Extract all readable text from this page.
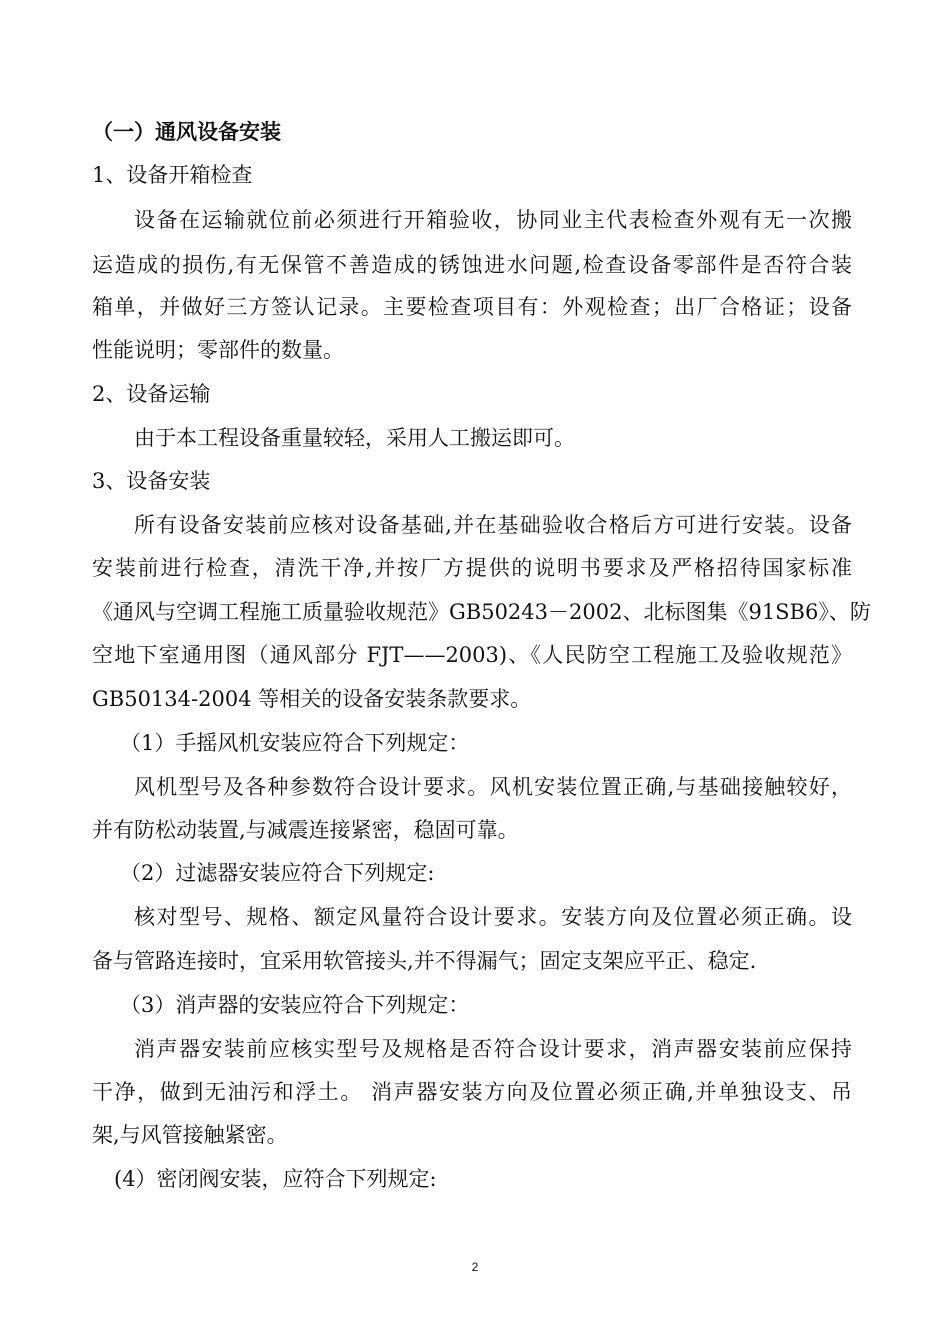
（一）通风设备安装
1、设备开箱检查
设备在运输就位前必须进行开箱验收，协同业主代表检查外观有无一次搬
运造成的损伤,有无保管不善造成的锈蚀进水问题,检查设备零部件是否符合装
箱单，并做好三方签认记录。主要检查项目有：外观检查；出厂合格证；设备
性能说明；零部件的数量。
2、设备运输
由于本工程设备重量较轻，采用人工搬运即可。
3、设备安装
所有设备安装前应核对设备基础,并在基础验收合格后方可进行安装。设备
安装前进行检查，清洗干净,并按厂方提供的说明书要求及严格招待国家标准
《通风与空调工程施工质量验收规范》GB50243－2002、北标图集《91SB6》、防
空地下室通用图（通风部分 FJT——2003)、《人民防空工程施工及验收规范》
GB50134-2004 等相关的设备安装条款要求。
（1）手摇风机安装应符合下列规定：
风机型号及各种参数符合设计要求。风机安装位置正确,与基础接触较好，
并有防松动装置,与减震连接紧密，稳固可靠。
（2）过滤器安装应符合下列规定:
核对型号、规格、额定风量符合设计要求。安装方向及位置必须正确。设
备与管路连接时，宜采用软管接头,并不得漏气；固定支架应平正、稳定.
（3）消声器的安装应符合下列规定：
消声器安装前应核实型号及规格是否符合设计要求，消声器安装前应保持
干净，做到无油污和浮土。 消声器安装方向及位置必须正确,并单独设支、吊
架,与风管接触紧密。
(4）密闭阀安装，应符合下列规定:
2
